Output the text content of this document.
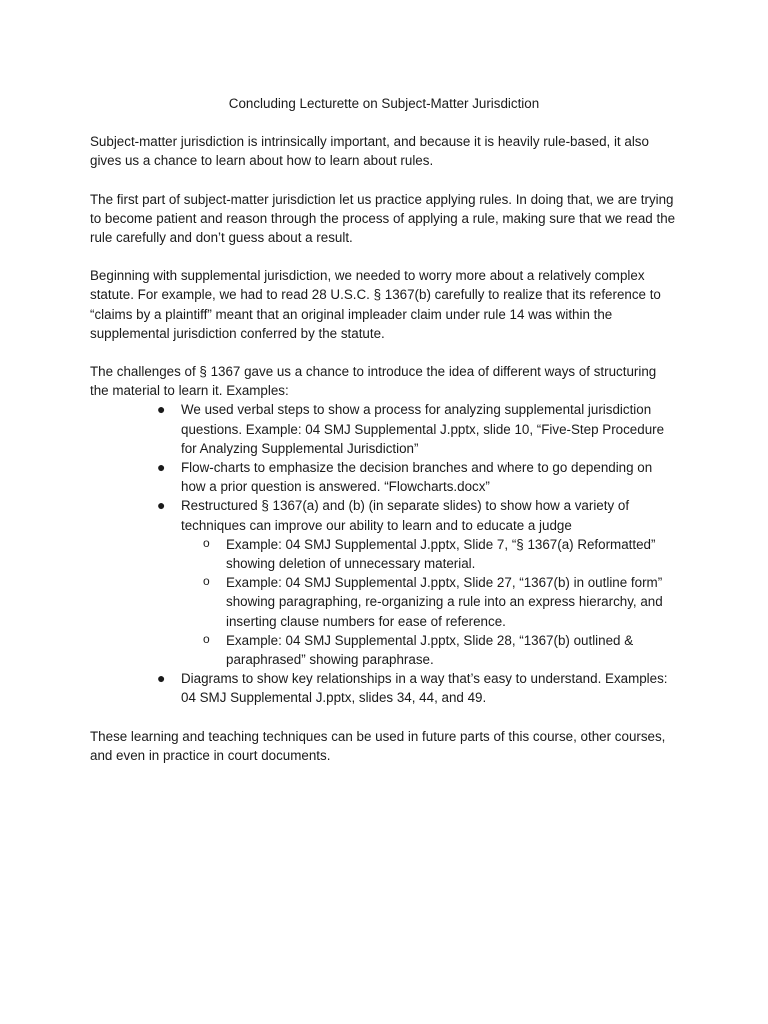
Concluding Lecturette on Subject-Matter Jurisdiction

Subject-matter jurisdiction is intrinsically important, and because it is heavily rule-based, it also gives us a chance to learn about how to learn about rules.

The first part of subject-matter jurisdiction let us practice applying rules. In doing that, we are trying to become patient and reason through the process of applying a rule, making sure that we read the rule carefully and don’t guess about a result.

Beginning with supplemental jurisdiction, we needed to worry more about a relatively complex statute. For example, we had to read 28 U.S.C. § 1367(b) carefully to realize that its reference to “claims by a plaintiff” meant that an original impleader claim under rule 14 was within the supplemental jurisdiction conferred by the statute.

The challenges of § 1367 gave us a chance to introduce the idea of different ways of structuring the material to learn it. Examples:

● We used verbal steps to show a process for analyzing supplemental jurisdiction questions. Example: 04 SMJ Supplemental J.pptx, slide 10, “Five-Step Procedure for Analyzing Supplemental Jurisdiction”
● Flow-charts to emphasize the decision branches and where to go depending on how a prior question is answered. “Flowcharts.docx”
● Restructured § 1367(a) and (b) (in separate slides) to show how a variety of techniques can improve our ability to learn and to educate a judge
o Example: 04 SMJ Supplemental J.pptx, Slide 7, “§ 1367(a) Reformatted” showing deletion of unnecessary material.
o Example: 04 SMJ Supplemental J.pptx, Slide 27, “1367(b) in outline form” showing paragraphing, re-organizing a rule into an express hierarchy, and inserting clause numbers for ease of reference.
o Example: 04 SMJ Supplemental J.pptx, Slide 28, “1367(b) outlined & paraphrased” showing paraphrase.
● Diagrams to show key relationships in a way that’s easy to understand. Examples: 04 SMJ Supplemental J.pptx, slides 34, 44, and 49.

These learning and teaching techniques can be used in future parts of this course, other courses, and even in practice in court documents.
